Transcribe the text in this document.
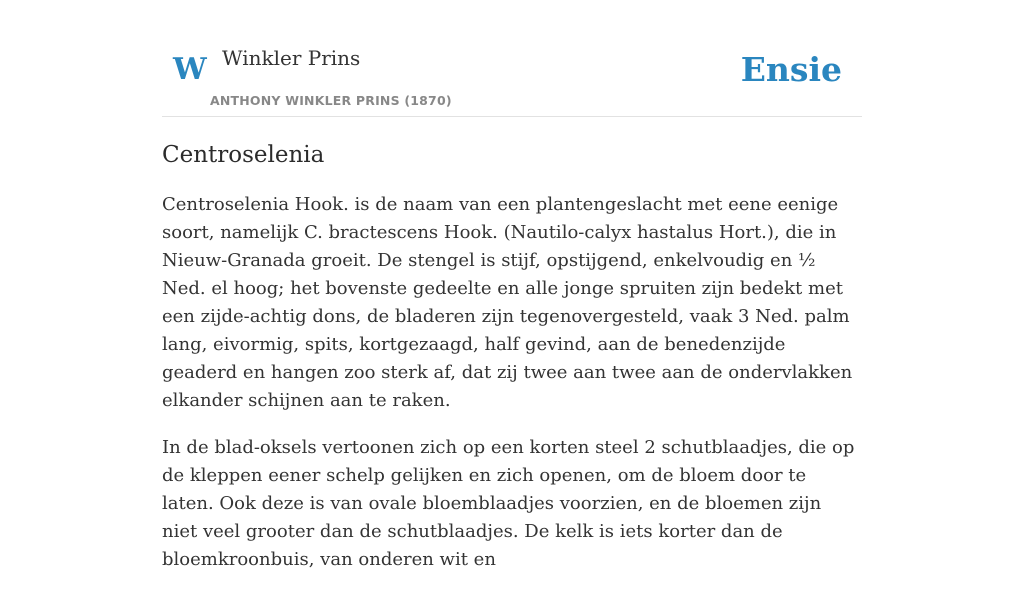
W Winkler Prins
ANTHONY WINKLER PRINS (1870)
Ensie
Centroselenia

Centroselenia Hook. is de naam van een plantengeslacht met eene eenige soort, namelijk C. bractescens Hook. (Nautilo-calyx hastalus Hort.), die in Nieuw-Granada groeit. De stengel is stijf, opstijgend, enkelvoudig en ½ Ned. el hoog; het bovenste gedeelte en alle jonge spruiten zijn bedekt met een zijde-achtig dons, de bladeren zijn tegenovergesteld, vaak 3 Ned. palm lang, eivormig, spits, kortgezaagd, half gevind, aan de benedenzijde geaderd en hangen zoo sterk af, dat zij twee aan twee aan de ondervlakken elkander schijnen aan te raken.

In de blad-oksels vertoonen zich op een korten steel 2 schutblaadjes, die op de kleppen eener schelp gelijken en zich openen, om de bloem door te laten. Ook deze is van ovale bloemblaadjes voorzien, en de bloemen zijn niet veel grooter dan de schutblaadjes. De kelk is iets korter dan de bloemkroonbuis, van onderen wit en
